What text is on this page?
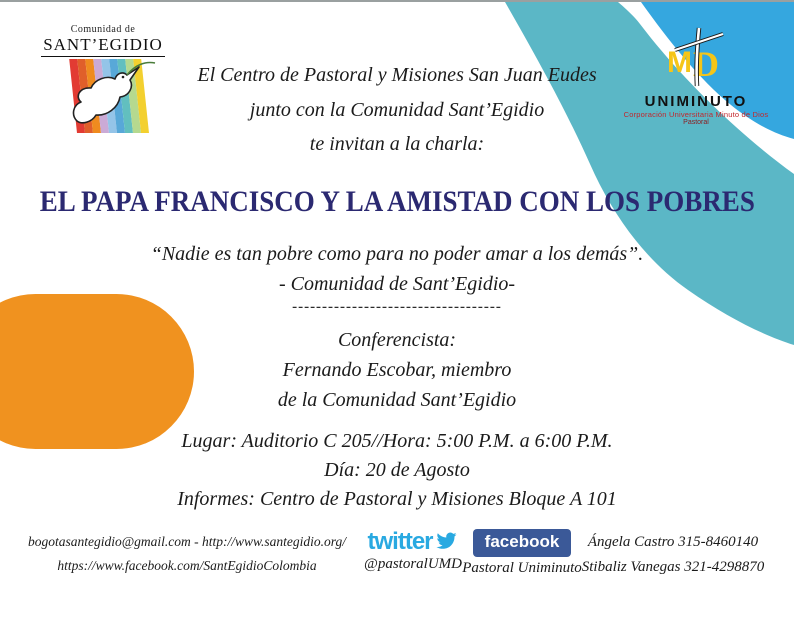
Comunidad de
SANT’EGIDIO
M D
UNIMINUTO
Corporación Universitaria Minuto de Dios
Pastoral
El Centro de Pastoral y Misiones San Juan Eudes
junto con la Comunidad Sant’Egidio
te invitan a la charla:
EL PAPA FRANCISCO Y LA AMISTAD CON LOS POBRES
“Nadie es tan pobre como para no poder amar a los demás”.
- Comunidad de Sant’Egidio-
-----------------------------------
Conferencista:
Fernando Escobar, miembro
de la Comunidad Sant’Egidio
Lugar: Auditorio C 205//Hora: 5:00 P.M. a 6:00 P.M.
Día: 20 de Agosto
Informes: Centro de Pastoral y Misiones Bloque A 101
bogotasantegidio@gmail.com - http://www.santegidio.org/
https://www.facebook.com/SantEgidioColombia
twitter
@pastoralUMD
facebook
Pastoral Uniminuto
Ángela Castro 315-8460140
Stibaliz Vanegas 321-4298870
